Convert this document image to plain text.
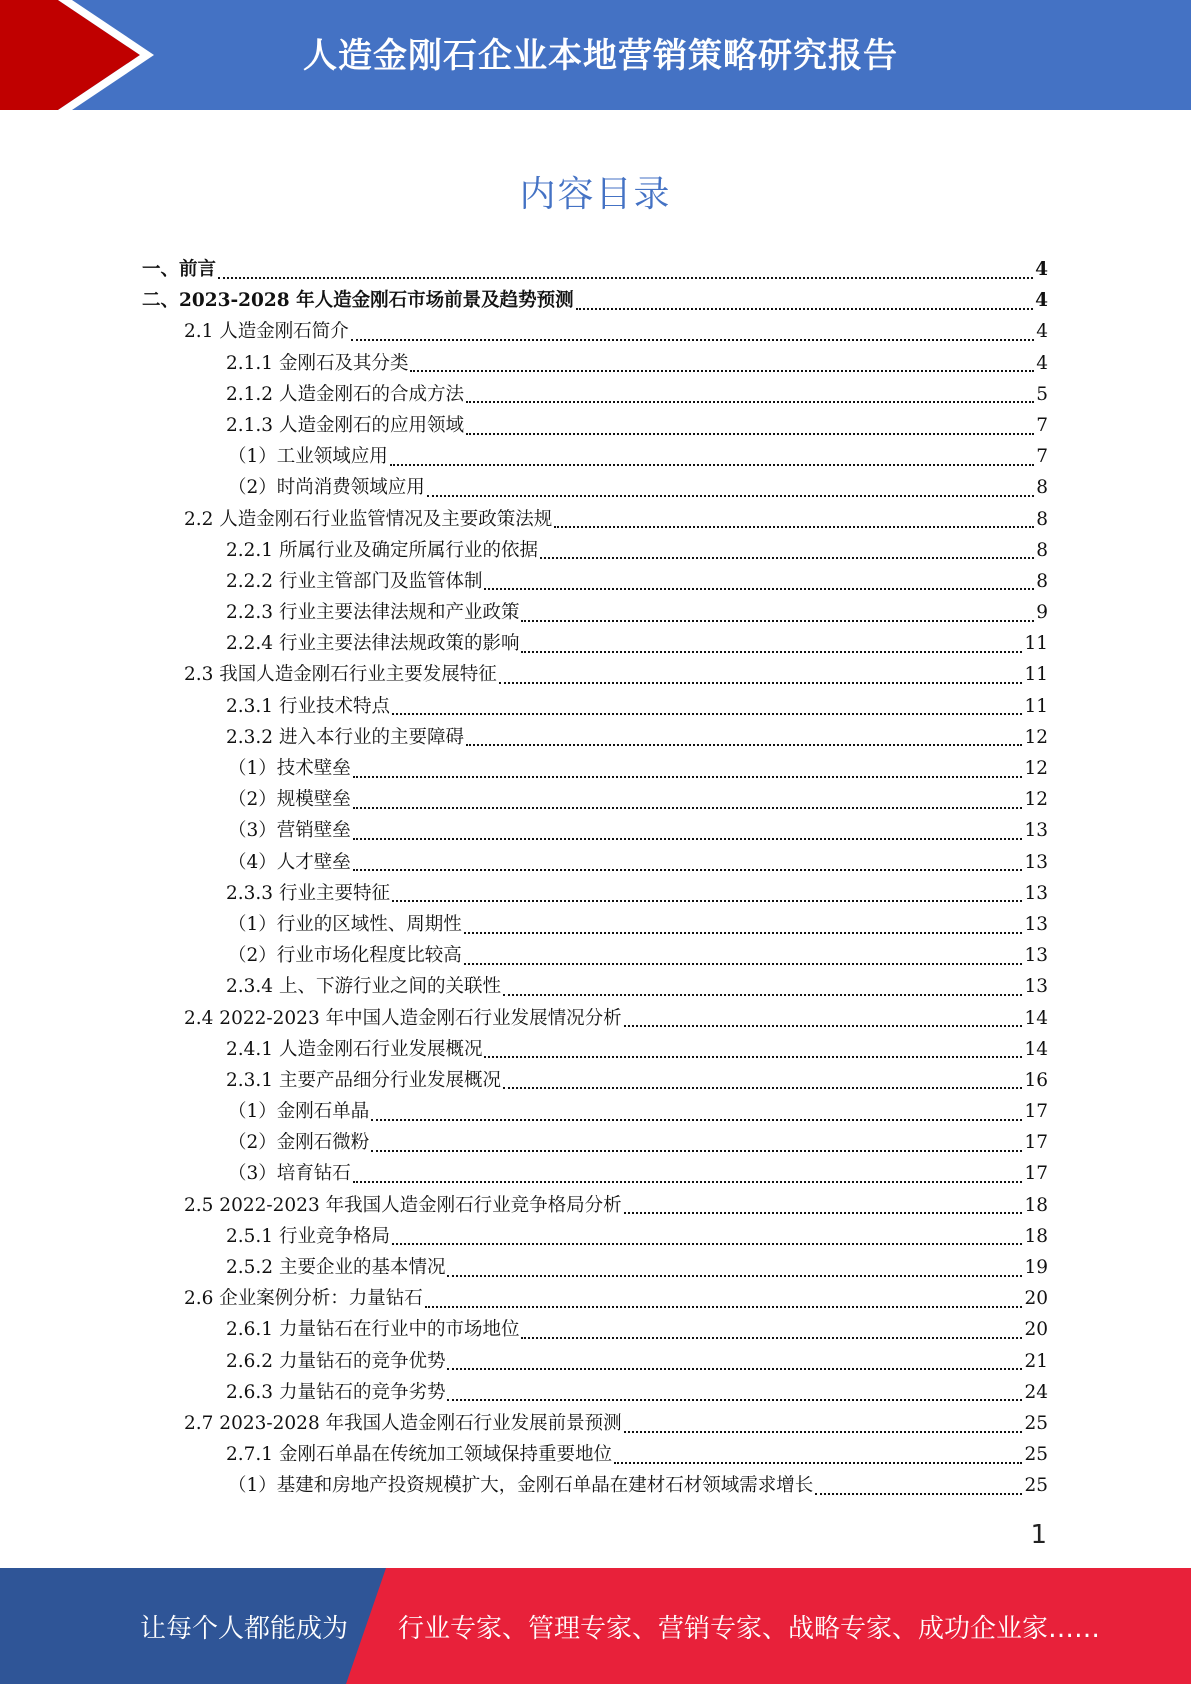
人造金刚石企业本地营销策略研究报告
内容目录
一、前言	4
二、2023-2028 年人造金刚石市场前景及趋势预测	4
2.1 人造金刚石简介	4
2.1.1 金刚石及其分类	4
2.1.2 人造金刚石的合成方法	5
2.1.3 人造金刚石的应用领域	7
（1）工业领域应用	7
（2）时尚消费领域应用	8
2.2 人造金刚石行业监管情况及主要政策法规	8
2.2.1 所属行业及确定所属行业的依据	8
2.2.2 行业主管部门及监管体制	8
2.2.3 行业主要法律法规和产业政策	9
2.2.4 行业主要法律法规政策的影响	11
2.3 我国人造金刚石行业主要发展特征	11
2.3.1 行业技术特点	11
2.3.2 进入本行业的主要障碍	12
（1）技术壁垒	12
（2）规模壁垒	12
（3）营销壁垒	13
（4）人才壁垒	13
2.3.3 行业主要特征	13
（1）行业的区域性、周期性	13
（2）行业市场化程度比较高	13
2.3.4 上、下游行业之间的关联性	13
2.4 2022-2023 年中国人造金刚石行业发展情况分析	14
2.4.1 人造金刚石行业发展概况	14
2.3.1 主要产品细分行业发展概况	16
（1）金刚石单晶	17
（2）金刚石微粉	17
（3）培育钻石	17
2.5 2022-2023 年我国人造金刚石行业竞争格局分析	18
2.5.1 行业竞争格局	18
2.5.2 主要企业的基本情况	19
2.6 企业案例分析：力量钻石	20
2.6.1 力量钻石在行业中的市场地位	20
2.6.2 力量钻石的竞争优势	21
2.6.3 力量钻石的竞争劣势	24
2.7 2023-2028 年我国人造金刚石行业发展前景预测	25
2.7.1 金刚石单晶在传统加工领域保持重要地位	25
（1）基建和房地产投资规模扩大，金刚石单晶在建材石材领域需求增长	25
1
让每个人都能成为 行业专家、管理专家、营销专家、战略专家、成功企业家……
